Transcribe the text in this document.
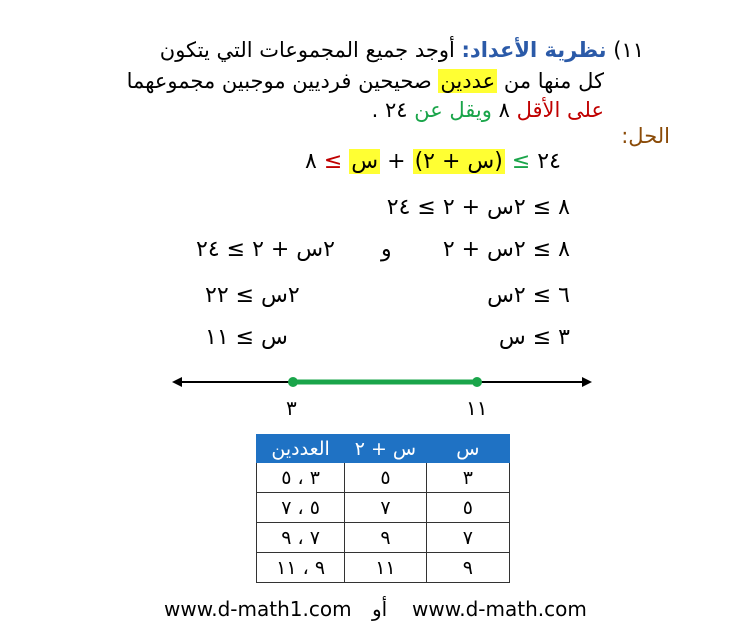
١١) نظرية الأعداد: أوجد جميع المجموعات التي يتكون
كل منها من عددين صحيحين فرديين موجبين مجموعهما
على الأقل ٨ ويقل عن ٢٤ .
الحل:
٢٤ ≥ (س + ٢) + س ≥ ٨
٨ ≥ ٢س + ٢ ≥ ٢٤
٨ ≥ ٢س + ٢
و
٢س + ٢ ≥ ٢٤
٦ ≥ ٢س
٢س ≥ ٢٢
٣ ≥ س
س ≥ ١١
٣	١١
س	س + ٢	العددين
٣	٥	٣ ، ٥
٥	٧	٥ ، ٧
٧	٩	٧ ، ٩
٩	١١	٩ ، ١١
www.d-math1.com أو www.d-math.com
